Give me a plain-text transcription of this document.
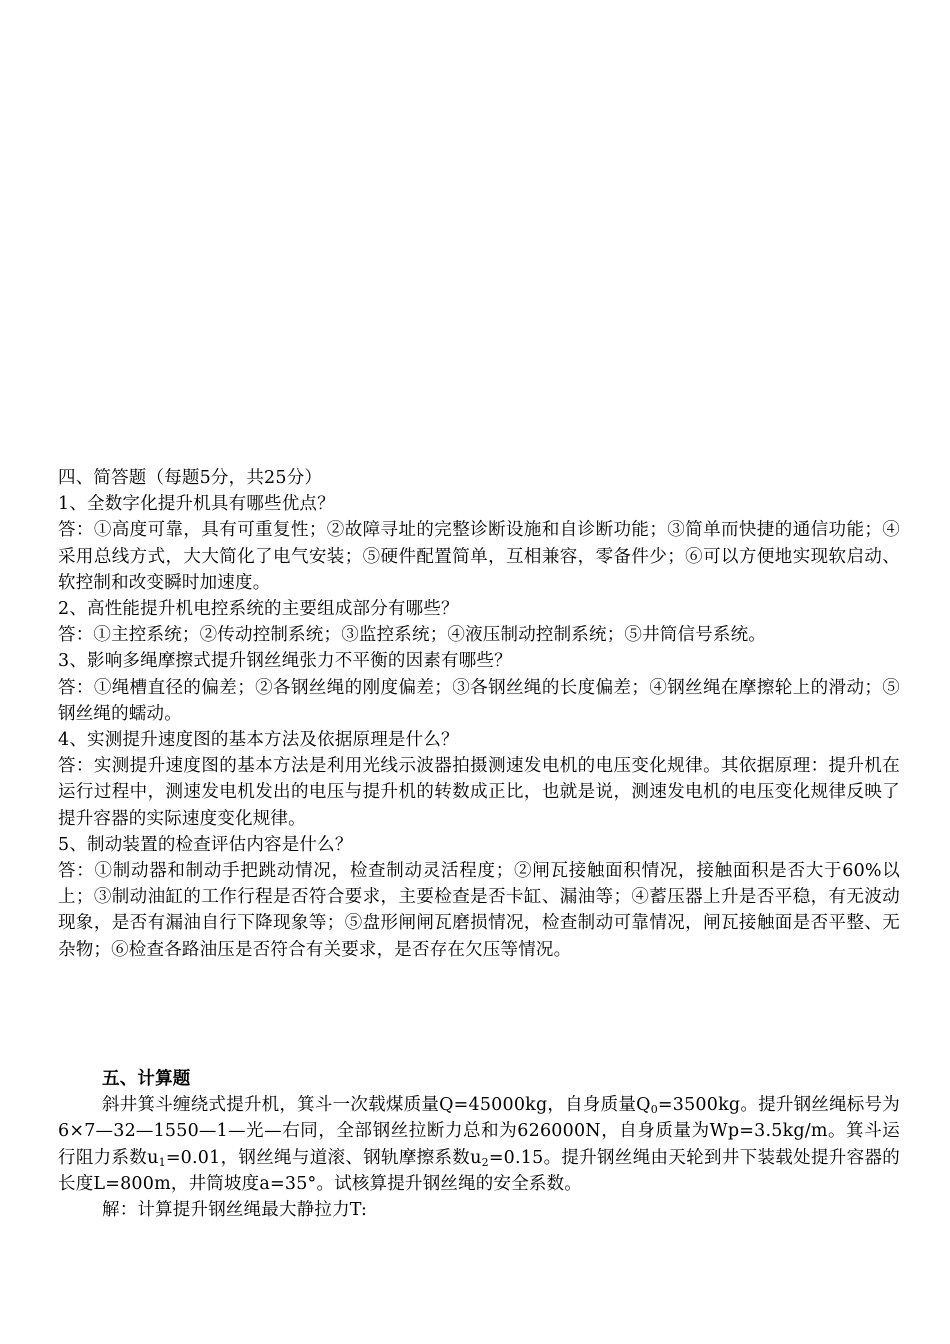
四、简答题（每题5分，共25分）

1、全数字化提升机具有哪些优点？

答：①高度可靠，具有可重复性；②故障寻址的完整诊断设施和自诊断功能；③简单而快捷的通信功能；④采用总线方式，大大简化了电气安装；⑤硬件配置简单，互相兼容，零备件少；⑥可以方便地实现软启动、软控制和改变瞬时加速度。

2、高性能提升机电控系统的主要组成部分有哪些？

答：①主控系统；②传动控制系统；③监控系统；④液压制动控制系统；⑤井筒信号系统。

3、影响多绳摩擦式提升钢丝绳张力不平衡的因素有哪些？

答：①绳槽直径的偏差；②各钢丝绳的刚度偏差；③各钢丝绳的长度偏差；④钢丝绳在摩擦轮上的滑动；⑤钢丝绳的蠕动。

4、实测提升速度图的基本方法及依据原理是什么？

答：实测提升速度图的基本方法是利用光线示波器拍摄测速发电机的电压变化规律。其依据原理：提升机在运行过程中，测速发电机发出的电压与提升机的转数成正比，也就是说，测速发电机的电压变化规律反映了提升容器的实际速度变化规律。

5、制动装置的检查评估内容是什么？

答：①制动器和制动手把跳动情况，检查制动灵活程度；②闸瓦接触面积情况，接触面积是否大于60%以上；③制动油缸的工作行程是否符合要求，主要检查是否卡缸、漏油等；④蓄压器上升是否平稳，有无波动现象，是否有漏油自行下降现象等；⑤盘形闸闸瓦磨损情况，检查制动可靠情况，闸瓦接触面是否平整、无杂物；⑥检查各路油压是否符合有关要求，是否存在欠压等情况。

五、计算题

斜井箕斗缠绕式提升机，箕斗一次载煤质量Q=45000kg，自身质量$Q_0=3500kg$。提升钢丝绳标号为6×7—32—1550—1—光—右同，全部钢丝拉断力总和为626000N，自身质量为Wp=3.5kg/m。箕斗运行阻力系数$u_1=0.01$，钢丝绳与道滚、钢轨摩擦系数$u_2=0.15$。提升钢丝绳由天轮到井下装载处提升容器的长度L=800m，井筒坡度a=35°。试核算提升钢丝绳的安全系数。

解：计算提升钢丝绳最大静拉力T:
